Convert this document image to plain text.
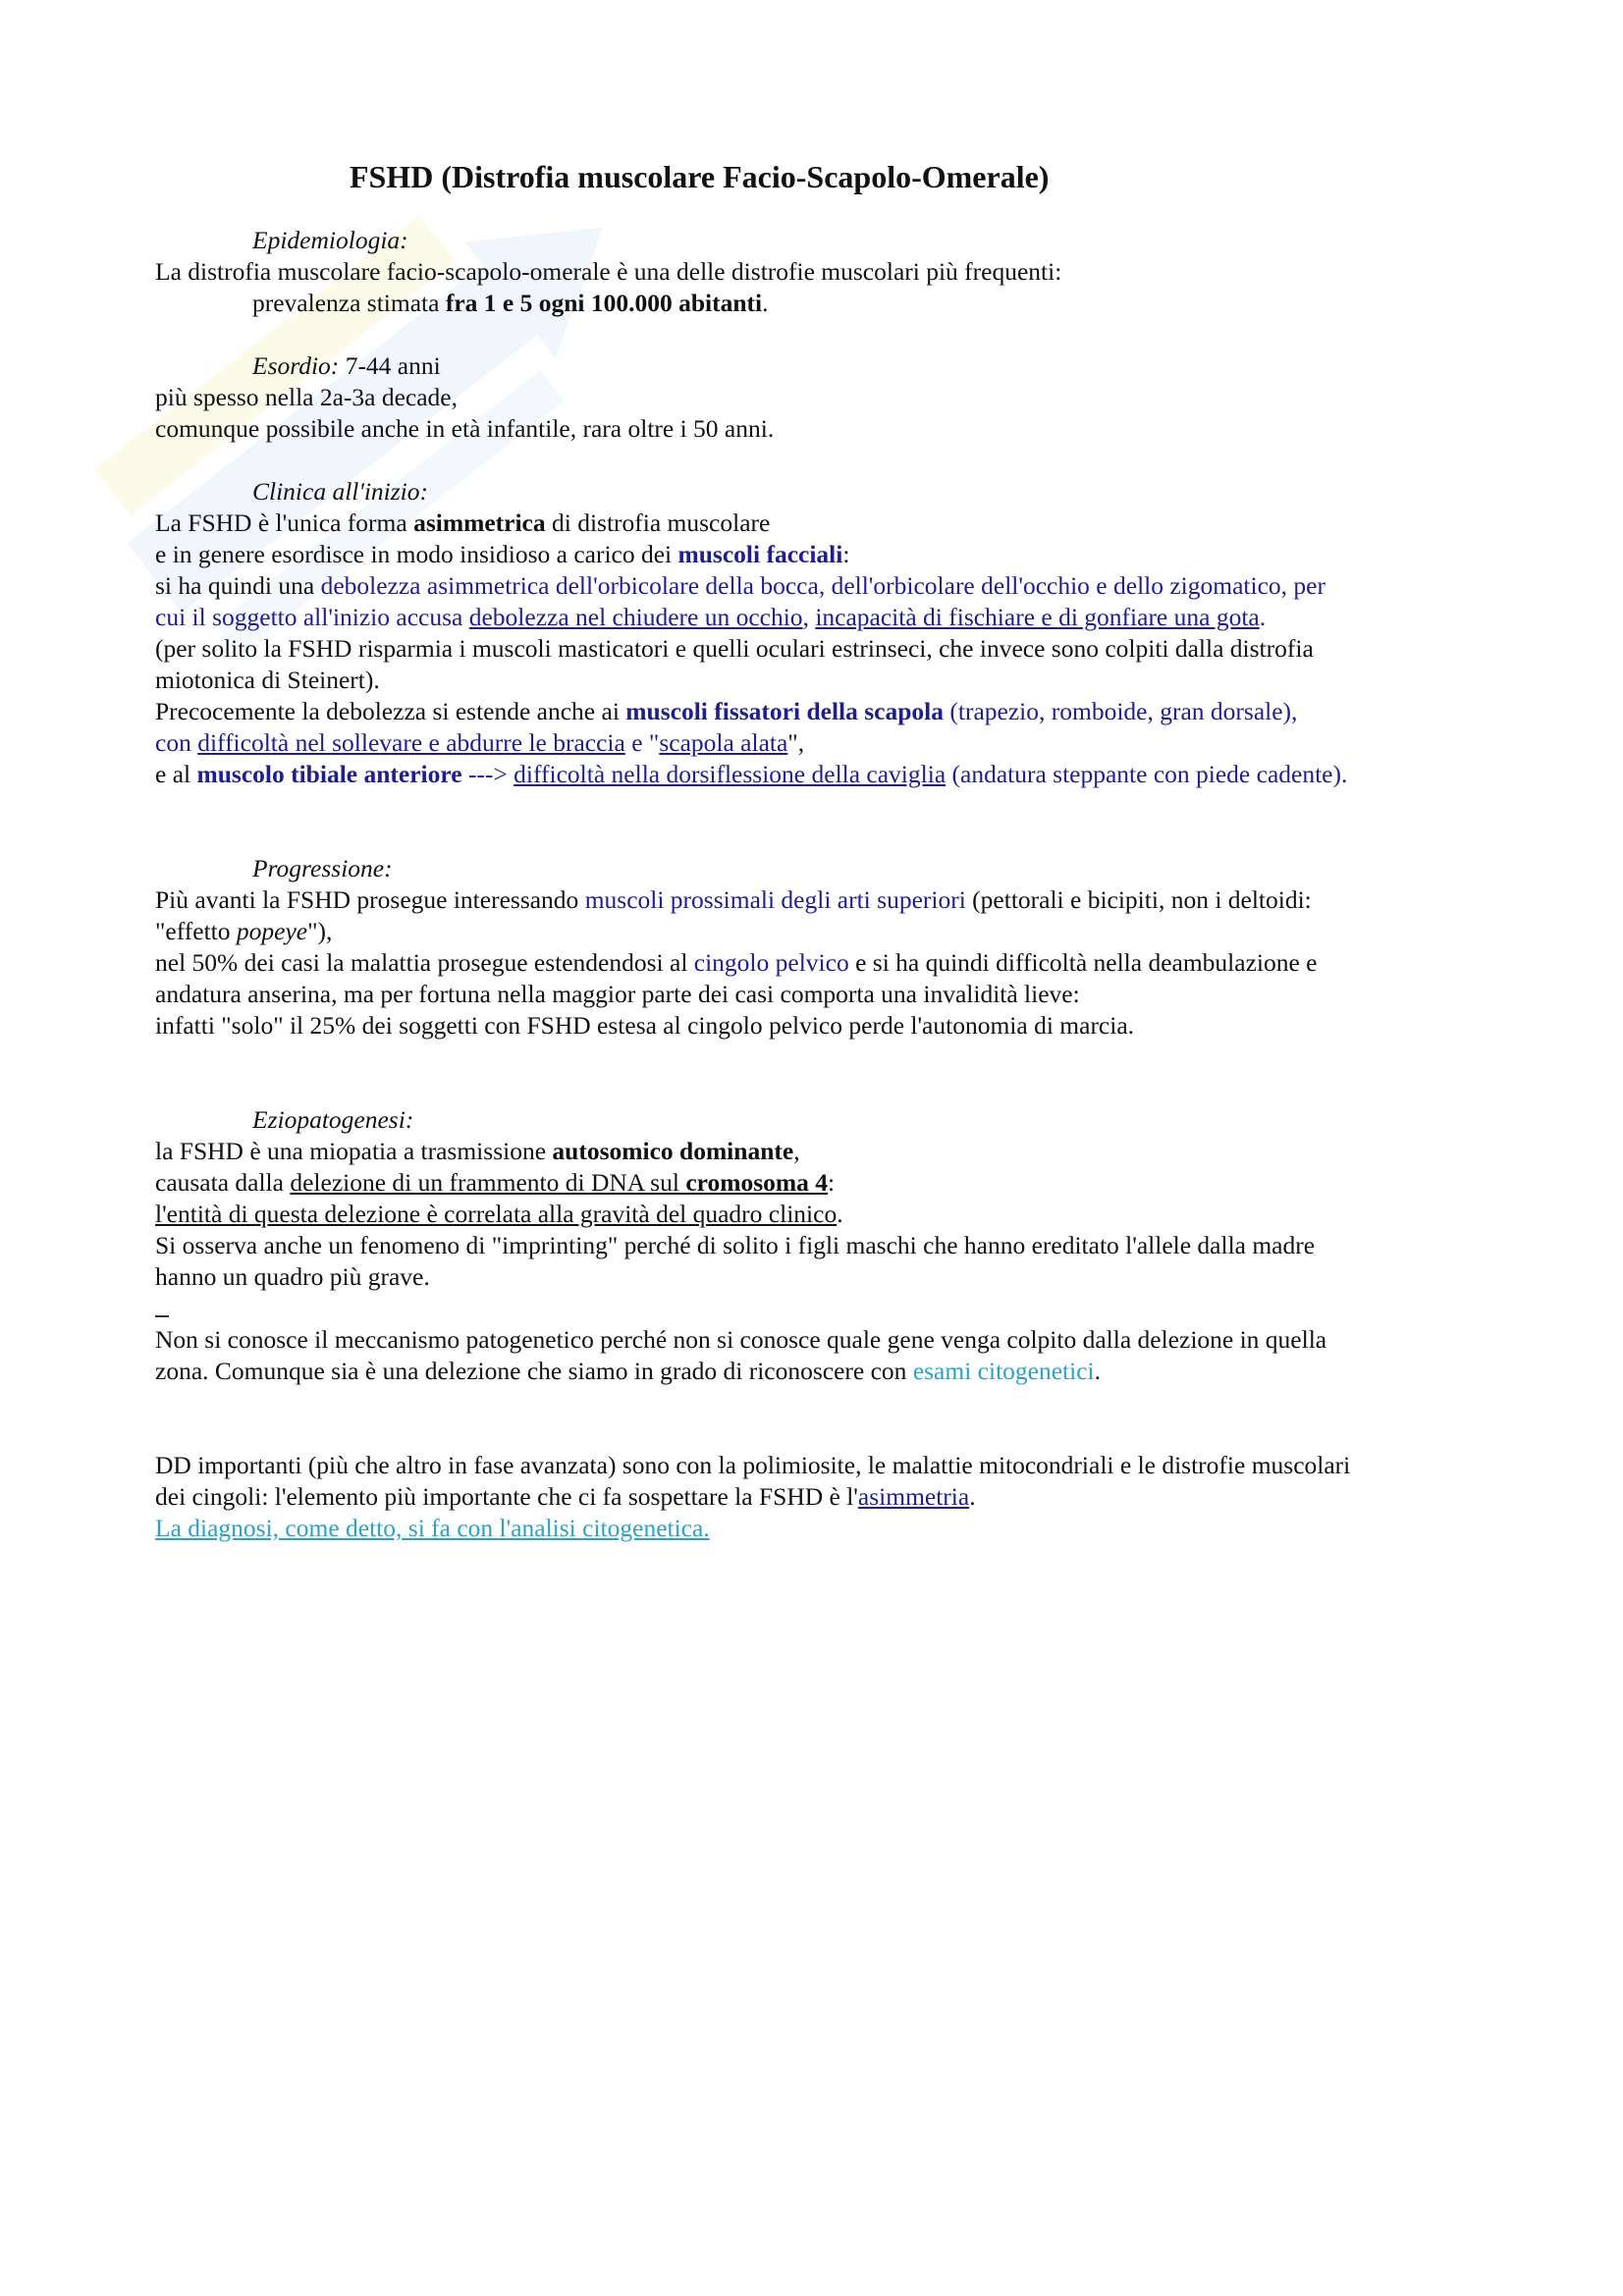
FSHD (Distrofia muscolare Facio-Scapolo-Omerale)
Epidemiologia:
La distrofia muscolare facio-scapolo-omerale è una delle distrofie muscolari più frequenti:
prevalenza stimata fra 1 e 5 ogni 100.000 abitanti.
Esordio: 7-44 anni
più spesso nella 2a-3a decade,
comunque possibile anche in età infantile, rara oltre i 50 anni.
Clinica all'inizio:
La FSHD è l'unica forma asimmetrica di distrofia muscolare
e in genere esordisce in modo insidioso a carico dei muscoli facciali:
si ha quindi una debolezza asimmetrica dell'orbicolare della bocca, dell'orbicolare dell'occhio e dello zigomatico, per
cui il soggetto all'inizio accusa debolezza nel chiudere un occhio, incapacità di fischiare e di gonfiare una gota.
(per solito la FSHD risparmia i muscoli masticatori e quelli oculari estrinseci, che invece sono colpiti dalla distrofia
miotonica di Steinert).
Precocemente la debolezza si estende anche ai muscoli fissatori della scapola (trapezio, romboide, gran dorsale),
con difficoltà nel sollevare e abdurre le braccia e "scapola alata",
e al muscolo tibiale anteriore ---> difficoltà nella dorsiflessione della caviglia (andatura steppante con piede cadente).
Progressione:
Più avanti la FSHD prosegue interessando muscoli prossimali degli arti superiori (pettorali e bicipiti, non i deltoidi:
"effetto popeye"),
nel 50% dei casi la malattia prosegue estendendosi al cingolo pelvico e si ha quindi difficoltà nella deambulazione e
andatura anserina, ma per fortuna nella maggior parte dei casi comporta una invalidità lieve:
infatti "solo" il 25% dei soggetti con FSHD estesa al cingolo pelvico perde l'autonomia di marcia.
Eziopatogenesi:
la FSHD è una miopatia a trasmissione autosomico dominante,
causata dalla delezione di un frammento di DNA sul cromosoma 4:
l'entità di questa delezione è correlata alla gravità del quadro clinico.
Si osserva anche un fenomeno di "imprinting" perché di solito i figli maschi che hanno ereditato l'allele dalla madre
hanno un quadro più grave.
Non si conosce il meccanismo patogenetico perché non si conosce quale gene venga colpito dalla delezione in quella
zona. Comunque sia è una delezione che siamo in grado di riconoscere con esami citogenetici.
DD importanti (più che altro in fase avanzata) sono con la polimiosite, le malattie mitocondriali e le distrofie muscolari
dei cingoli: l'elemento più importante che ci fa sospettare la FSHD è l'asimmetria.
La diagnosi, come detto, si fa con l'analisi citogenetica.
